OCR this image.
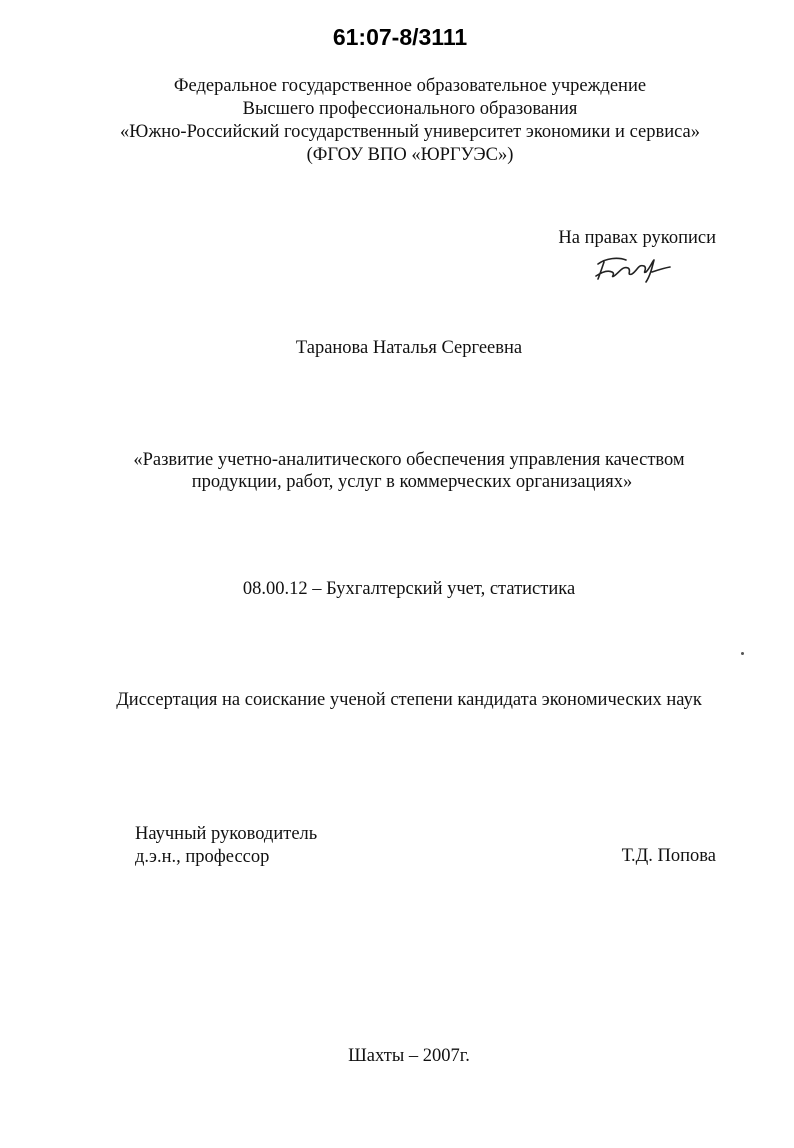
61:07-8/3111
Федеральное государственное образовательное учреждение
Высшего профессионального образования
«Южно-Российский государственный университет экономики и сервиса»
(ФГОУ ВПО «ЮРГУЭС»)
На правах рукописи
Таранова Наталья Сергеевна
«Развитие учетно-аналитического обеспечения управления качеством
продукции, работ, услуг в коммерческих организациях»
08.00.12 – Бухгалтерский учет, статистика
Диссертация на соискание ученой степени кандидата экономических наук
Научный руководитель
д.э.н., профессор	Т.Д. Попова
Шахты – 2007г.
